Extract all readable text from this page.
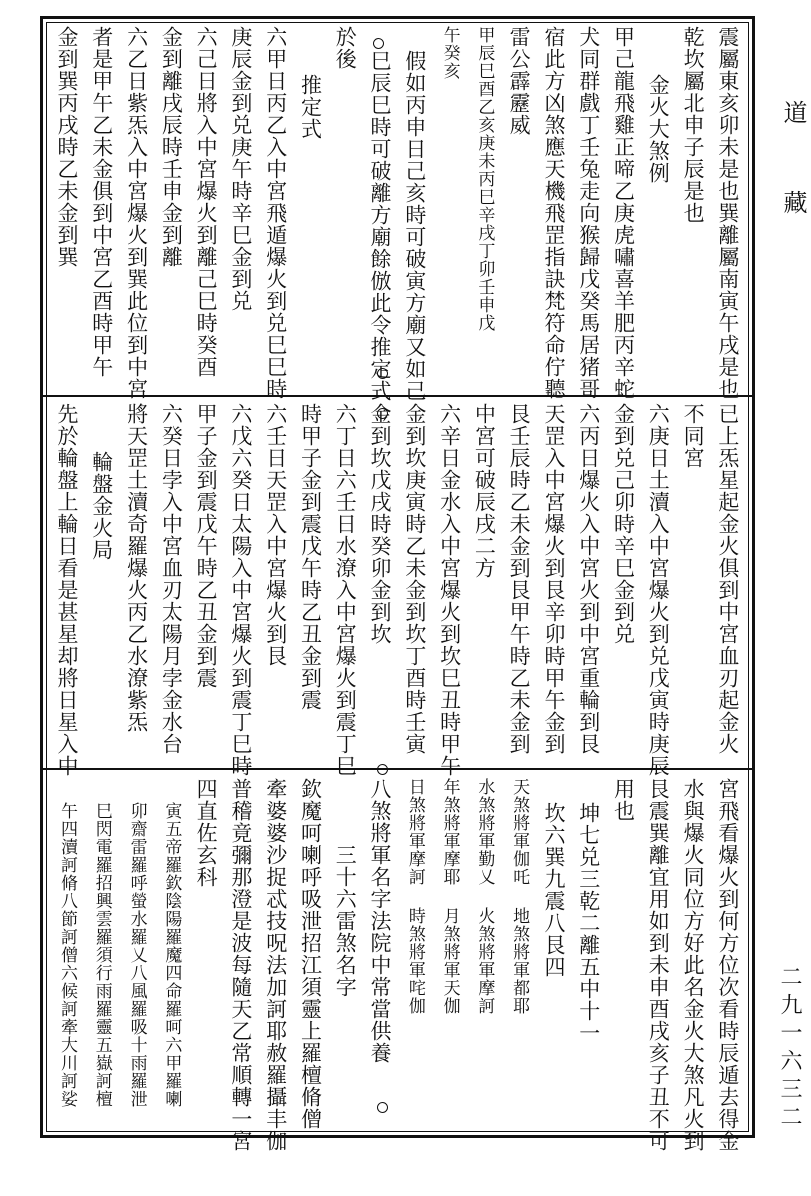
道
藏
二九一六三二
震屬東亥卯未是也巽離屬南寅午戌是也
乾坎屬北申子辰是也
金火大煞例
甲己龍飛雞正啼乙庚虎嘯喜羊肥丙辛蛇
犬同群戲丁壬兔走向猴歸戊癸馬居猪哥
宿此方凶煞應天機飛罡指訣梵符命佇聽
雷公霹靂威
甲辰巳酉乙亥庚未丙巳辛戌丁卯壬申戊
午癸亥
假如丙申日己亥時可破寅方廟又如己
巳辰巳時可破離方廟餘倣此令推定式
於後
推定式
六甲日丙乙入中宮飛遁爆火到兑巳巳時
庚辰金到兑庚午時辛巳金到兑
六己日將入中宮爆火到離己巳時癸酉
金到離戌辰時壬申金到離
六乙日紫炁入中宮爆火到巽此位到中宮
者是甲午乙未金俱到中宮乙酉時甲午
金到巽丙戌時乙未金到巽
已上炁星起金火俱到中宮血刃起金火
不同宮
六庚日土瀆入中宮爆火到兑戊寅時庚辰
金到兑己卯時辛巳金到兑
六丙日爆火入中宮火到中宮重輪到艮
天罡入中宮爆火到艮辛卯時甲午金到
艮壬辰時乙未金到艮甲午時乙未金到
中宮可破辰戌二方
六辛日金水入中宮爆火到坎巳丑時甲午
金到坎庚寅時乙未金到坎丁酉時壬寅
金到坎戊戌時癸卯金到坎
六丁日六壬日水潦入中宮爆火到震丁巳
時甲子金到震戊午時乙丑金到震
六壬日天罡入中宮爆火到艮
六戊六癸日太陽入中宮爆火到震丁巳時
甲子金到震戊午時乙丑金到震
六癸日孛入中宮血刃太陽月孛金水台
將天罡土瀆奇羅爆火丙乙水潦紫炁
輪盤金火局
先於輪盤上輪日看是甚星却將日星入中
宮飛看爆火到何方位次看時辰遁去得金
水與爆火同位方好此名金火大煞凡火到
艮震巽離宜用如到未申酉戌亥子丑不可
用也
坤七兑三乾二離五中十一
坎六巽九震八艮四
天煞將軍伽吒 地煞將軍都耶
水煞將軍勤乂 火煞將軍摩訶
年煞將軍摩耶 月煞將軍天伽
日煞將軍摩訶 時煞將軍咤伽
八煞將軍名字法院中常當供養
三十六雷煞名字
欽魔呵喇呼吸泄招江須靈上羅檀脩僧
牽婆婆沙捉忒技呪法加訶耶赦羅攝丰伽
普稽竟彌那澄是波每隨天乙常順轉一宮
四直佐玄科
寅五帝羅欽陰陽羅魔四命羅呵六甲羅喇
卯齋雷羅呼螢水羅乂八風羅吸十雨羅泄
巳閃電羅招興雲羅須行雨羅靈五嶽訶檀
午四瀆訶脩八節訶僧六候訶牽大川訶娑
